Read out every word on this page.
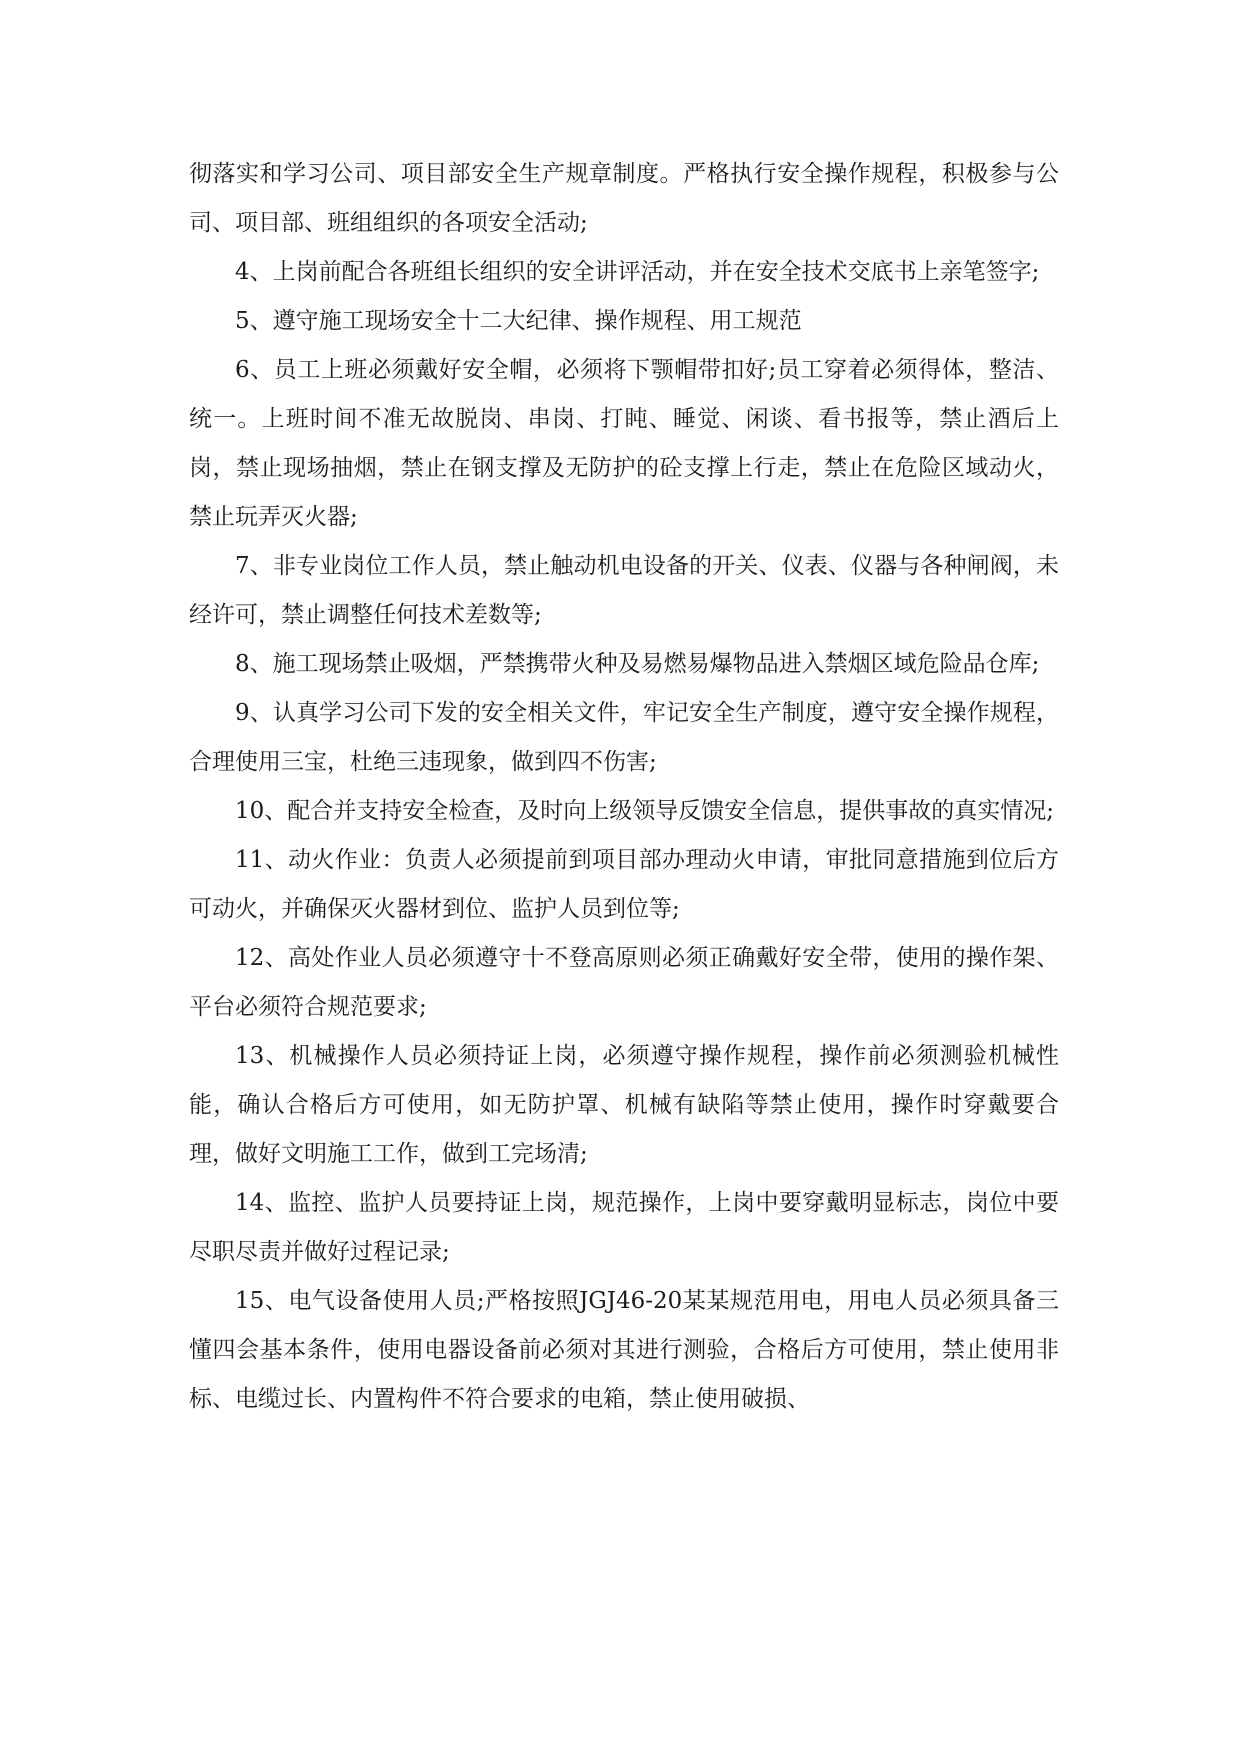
彻落实和学习公司、项目部安全生产规章制度。严格执行安全操作规程，积极参与公司、项目部、班组组织的各项安全活动;

4、上岗前配合各班组长组织的安全讲评活动，并在安全技术交底书上亲笔签字;

5、遵守施工现场安全十二大纪律、操作规程、用工规范

6、员工上班必须戴好安全帽，必须将下颚帽带扣好;员工穿着必须得体，整洁、统一。上班时间不准无故脱岗、串岗、打盹、睡觉、闲谈、看书报等，禁止酒后上岗，禁止现场抽烟，禁止在钢支撑及无防护的砼支撑上行走，禁止在危险区域动火，禁止玩弄灭火器;

7、非专业岗位工作人员，禁止触动机电设备的开关、仪表、仪器与各种闸阀，未经许可，禁止调整任何技术差数等;

8、施工现场禁止吸烟，严禁携带火种及易燃易爆物品进入禁烟区域危险品仓库;

9、认真学习公司下发的安全相关文件，牢记安全生产制度，遵守安全操作规程，合理使用三宝，杜绝三违现象，做到四不伤害;

10、配合并支持安全检查，及时向上级领导反馈安全信息，提供事故的真实情况;

11、动火作业：负责人必须提前到项目部办理动火申请，审批同意措施到位后方可动火，并确保灭火器材到位、监护人员到位等;

12、高处作业人员必须遵守十不登高原则必须正确戴好安全带，使用的操作架、平台必须符合规范要求;

13、机械操作人员必须持证上岗，必须遵守操作规程，操作前必须测验机械性能，确认合格后方可使用，如无防护罩、机械有缺陷等禁止使用，操作时穿戴要合理，做好文明施工工作，做到工完场清;

14、监控、监护人员要持证上岗，规范操作，上岗中要穿戴明显标志，岗位中要尽职尽责并做好过程记录;

15、电气设备使用人员;严格按照JGJ46-20某某规范用电，用电人员必须具备三懂四会基本条件，使用电器设备前必须对其进行测验，合格后方可使用，禁止使用非标、电缆过长、内置构件不符合要求的电箱，禁止使用破损、
